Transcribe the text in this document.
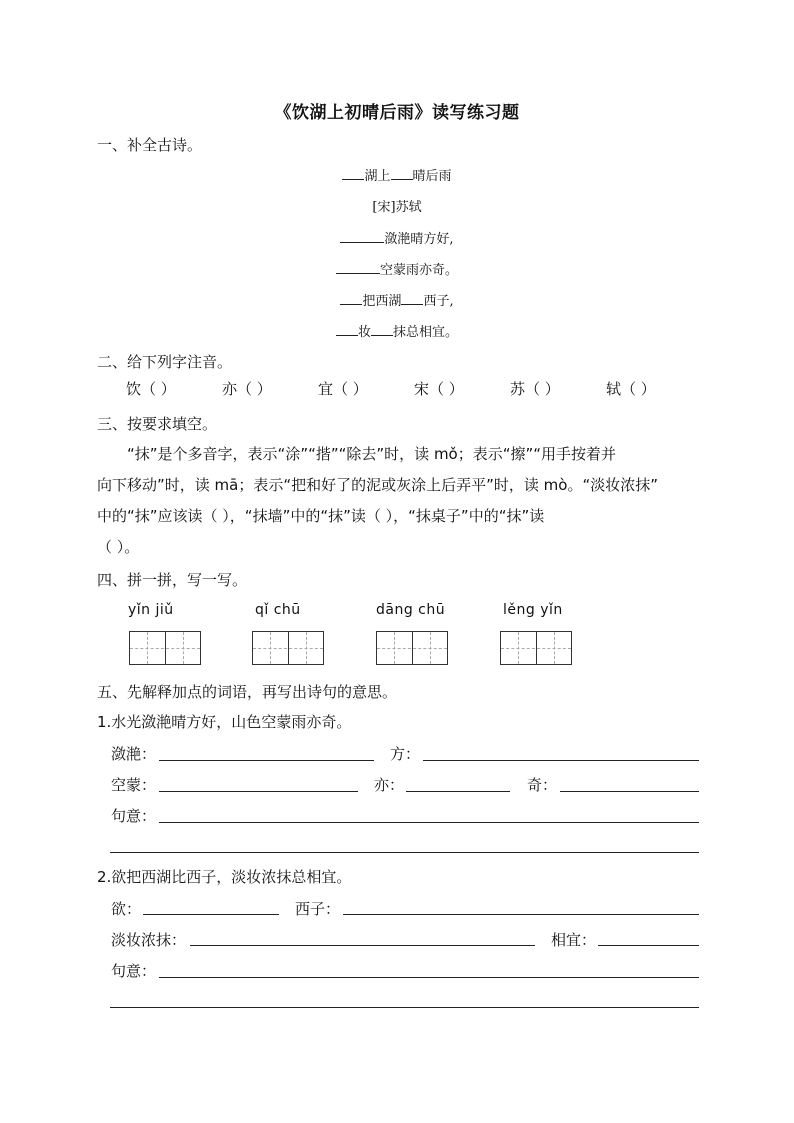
《饮湖上初晴后雨》读写练习题
一、补全古诗。
湖上 晴后雨
[宋]苏轼
潋滟晴方好,
空蒙雨亦奇。
把西湖 西子,
妆 抹总相宜。
二、给下列字注音。
饮（ ）	亦（ ）	宜（ ）	宋（ ）	苏（ ）	轼（ ）
三、按要求填空。
“抹”是个多音字，表示“涂”“揩”“除去”时，读 mǒ；表示“擦”“用手按着并
向下移动”时，读 mā；表示“把和好了的泥或灰涂上后弄平”时，读 mò。“淡妆浓抹”
中的“抹”应该读（ ），“抹墙”中的“抹”读（ ），“抹桌子”中的“抹”读
（ ）。
四、拼一拼，写一写。
yǐn jiǔ	qǐ chū	dāng chū	lěng yǐn
五、先解释加点的词语，再写出诗句的意思。
1.水光潋滟晴方好，山色空蒙雨亦奇。
潋滟：	方：
空蒙：	亦：	奇：
句意：
2.欲把西湖比西子，淡妆浓抹总相宜。
欲：	西子：
淡妆浓抹：	相宜：
句意：
